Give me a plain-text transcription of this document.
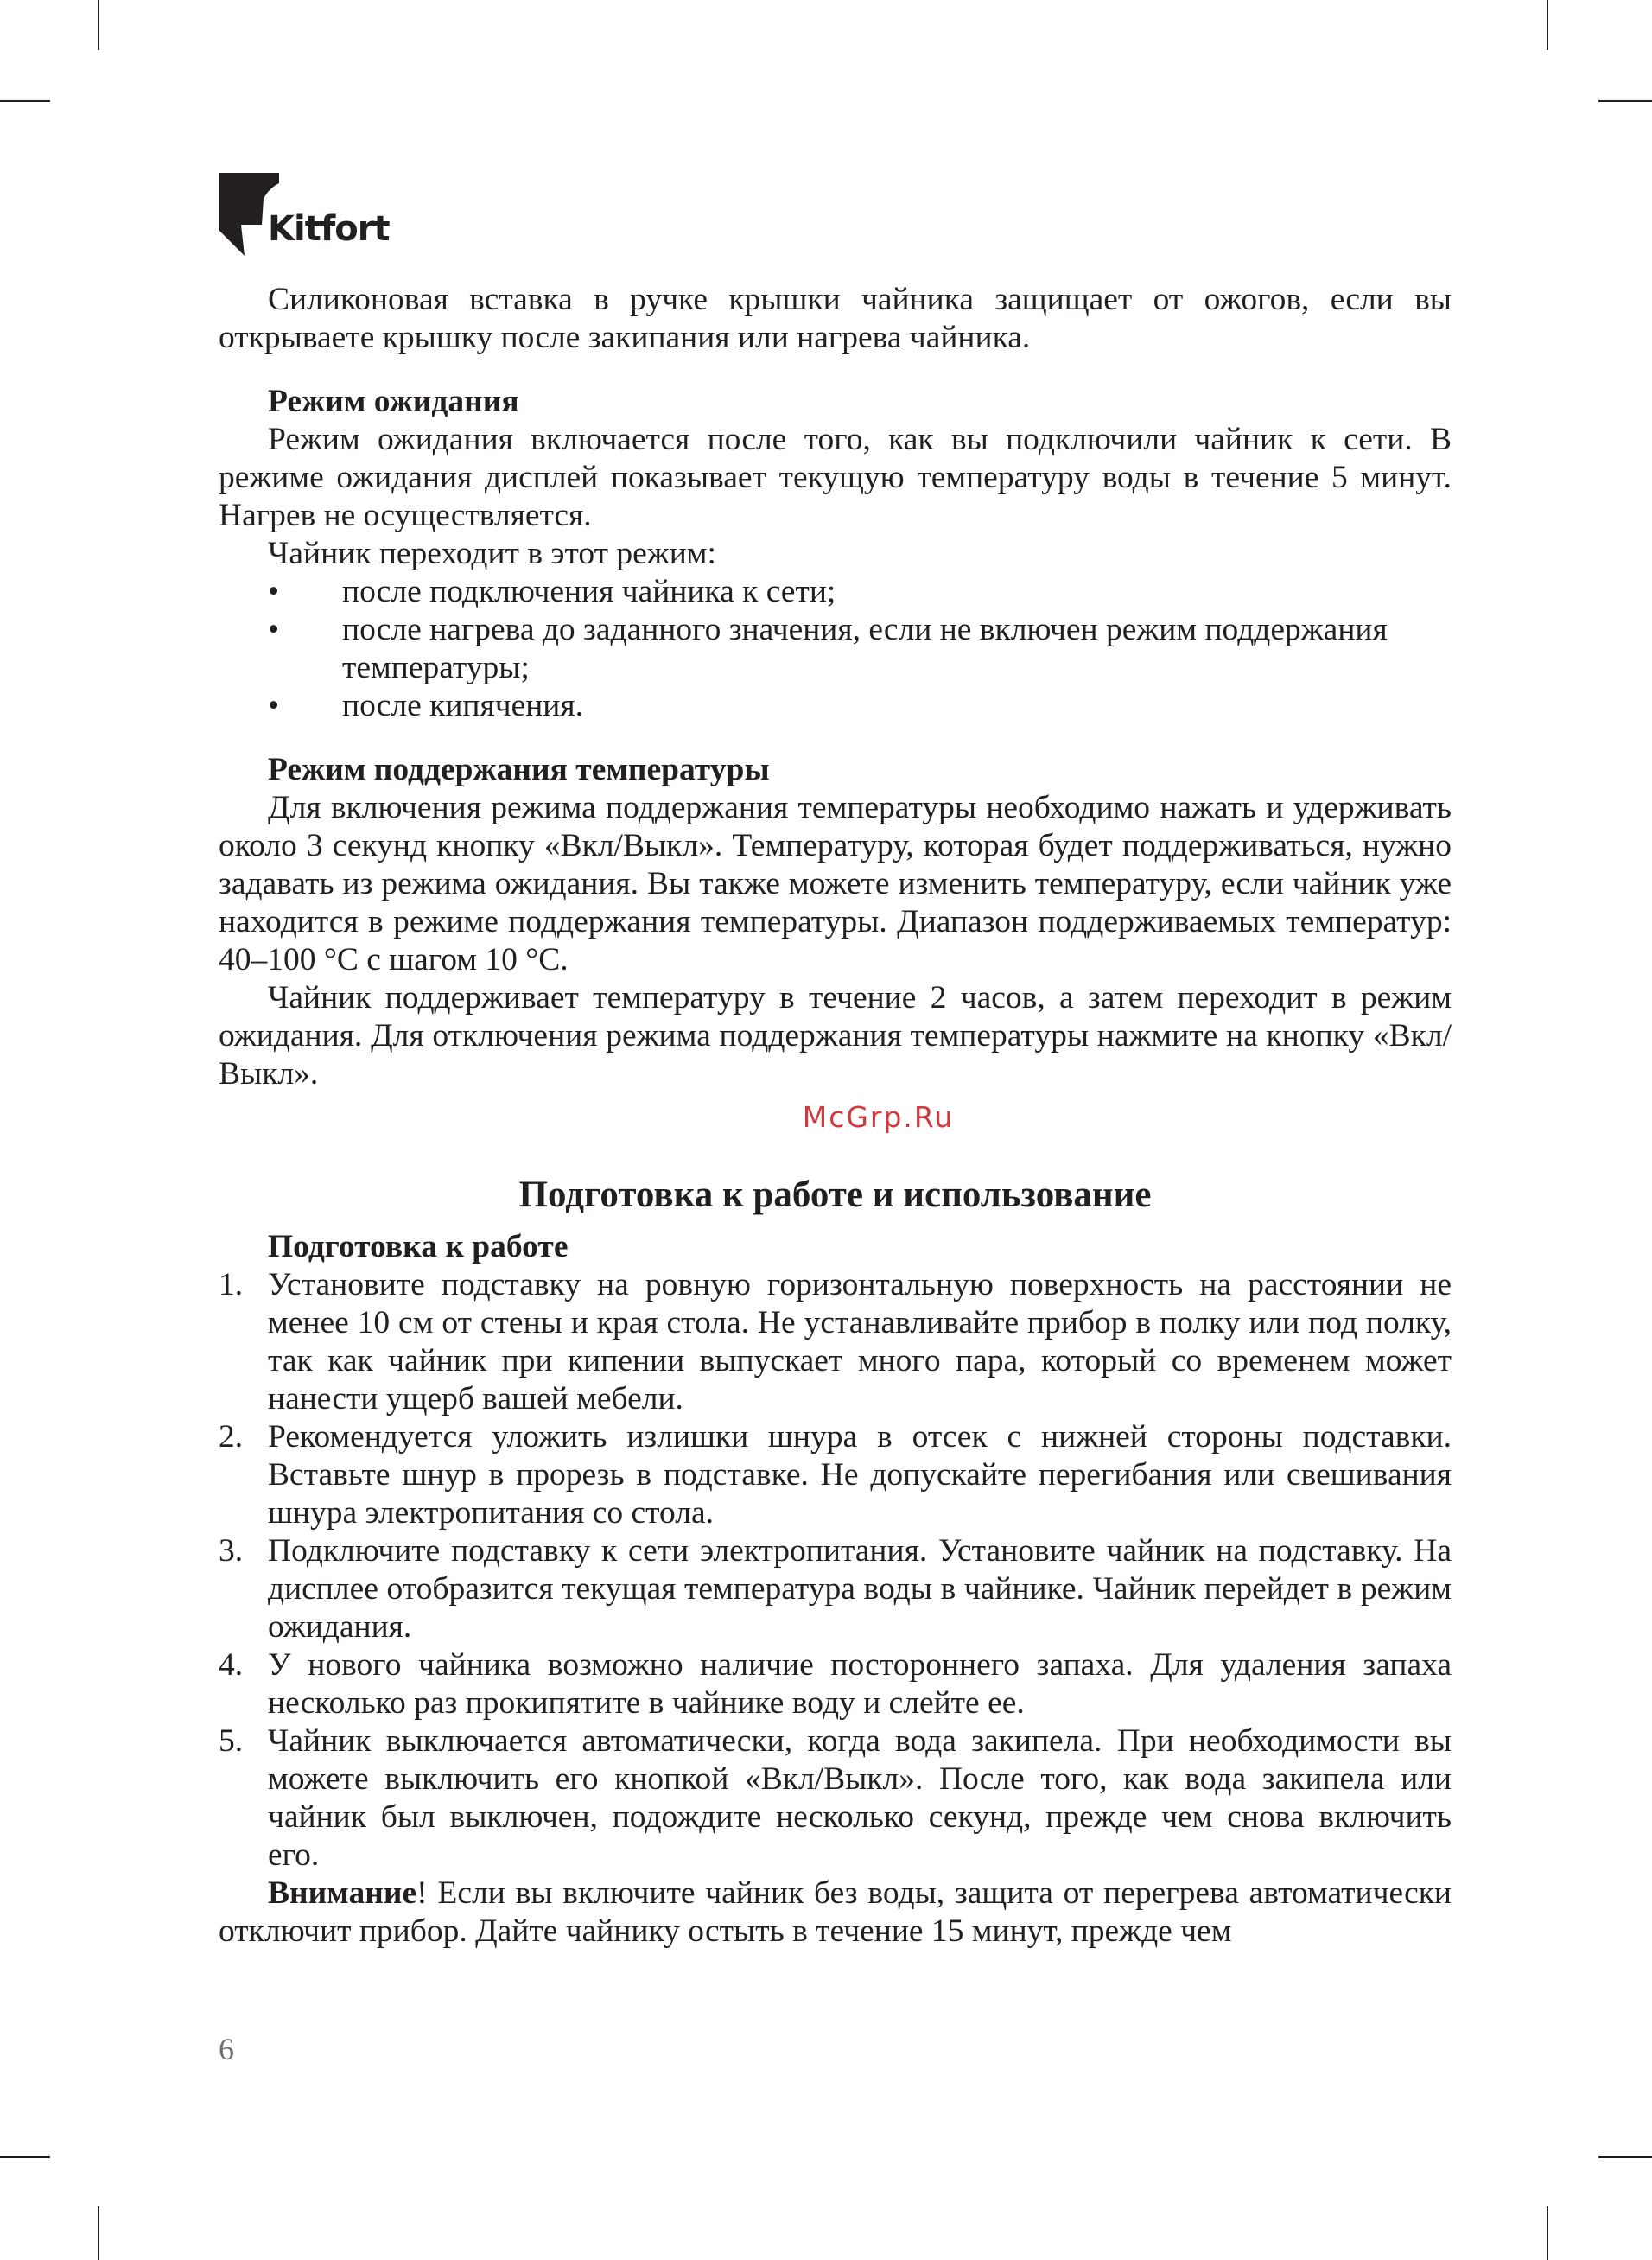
Kitfort

Силиконовая вставка в ручке крышки чайника защищает от ожогов, если вы открываете крышку после закипания или нагрева чайника.

Режим ожидания

Режим ожидания включается после того, как вы подключили чайник к сети. В режиме ожидания дисплей показывает текущую температуру воды в течение 5 минут. Нагрев не осуществляется.

Чайник переходит в этот режим:

• после подключения чайника к сети;
• после нагрева до заданного значения, если не включен режим поддержания температуры;
• после кипячения.

Режим поддержания температуры

Для включения режима поддержания температуры необходимо нажать и удерживать около 3 секунд кнопку «Вкл/Выкл». Температуру, которая будет поддерживаться, нужно задавать из режима ожидания. Вы также можете изменить температуру, если чайник уже находится в режиме поддержания температуры. Диапазон поддерживаемых температур: 40–100 °C с шагом 10 °C.

Чайник поддерживает температуру в течение 2 часов, а затем переходит в режим ожидания. Для отключения режима поддержания температуры нажмите на кнопку «Вкл/Выкл».

McGrp.Ru
Подготовка к работе и использование

Подготовка к работе

1. Установите подставку на ровную горизонтальную поверхность на расстоянии не менее 10 см от стены и края стола. Не устанавливайте прибор в полку или под полку, так как чайник при кипении выпускает много пара, который со временем может нанести ущерб вашей мебели.
2. Рекомендуется уложить излишки шнура в отсек с нижней стороны подставки. Вставьте шнур в прорезь в подставке. Не допускайте перегибания или свешивания шнура электропитания со стола.
3. Подключите подставку к сети электропитания. Установите чайник на подставку. На дисплее отобразится текущая температура воды в чайнике. Чайник перейдет в режим ожидания.
4. У нового чайника возможно наличие постороннего запаха. Для удаления запаха несколько раз прокипятите в чайнике воду и слейте ее.
5. Чайник выключается автоматически, когда вода закипела. При необходимости вы можете выключить его кнопкой «Вкл/Выкл». После того, как вода закипела или чайник был выключен, подождите несколько секунд, прежде чем снова включить его.

Внимание! Если вы включите чайник без воды, защита от перегрева автоматически отключит прибор. Дайте чайнику остыть в течение 15 минут, прежде чем

6
